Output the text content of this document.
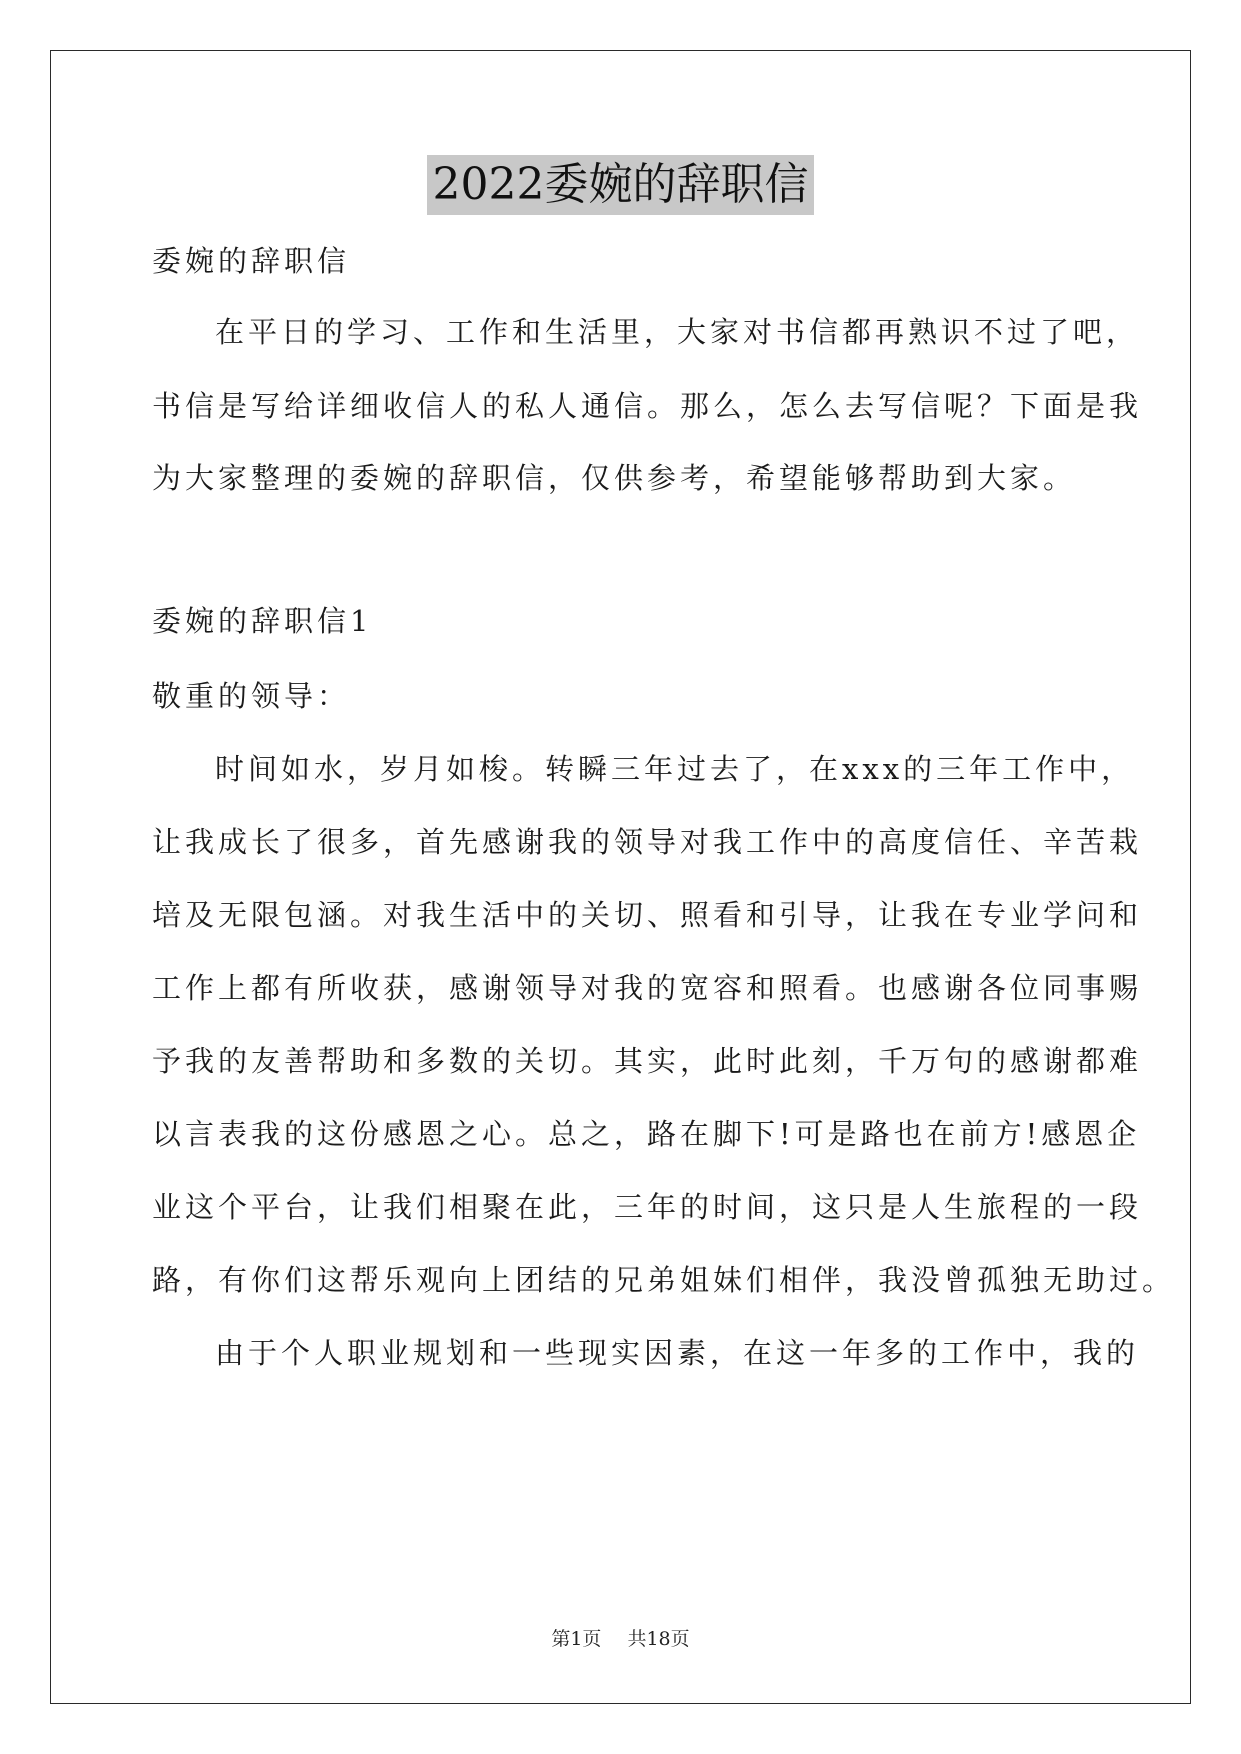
2022委婉的辞职信
委婉的辞职信
在平日的学习、工作和生活里，大家对书信都再熟识不过了吧，
书信是写给详细收信人的私人通信。那么，怎么去写信呢？下面是我
为大家整理的委婉的辞职信，仅供参考，希望能够帮助到大家。
委婉的辞职信1
敬重的领导：
时间如水，岁月如梭。转瞬三年过去了，在xxx的三年工作中，
让我成长了很多，首先感谢我的领导对我工作中的高度信任、辛苦栽
培及无限包涵。对我生活中的关切、照看和引导，让我在专业学问和
工作上都有所收获，感谢领导对我的宽容和照看。也感谢各位同事赐
予我的友善帮助和多数的关切。其实，此时此刻，千万句的感谢都难
以言表我的这份感恩之心。总之，路在脚下!可是路也在前方!感恩企
业这个平台，让我们相聚在此，三年的时间，这只是人生旅程的一段
路，有你们这帮乐观向上团结的兄弟姐妹们相伴，我没曾孤独无助过。
由于个人职业规划和一些现实因素，在这一年多的工作中，我的
第1页 共18页
